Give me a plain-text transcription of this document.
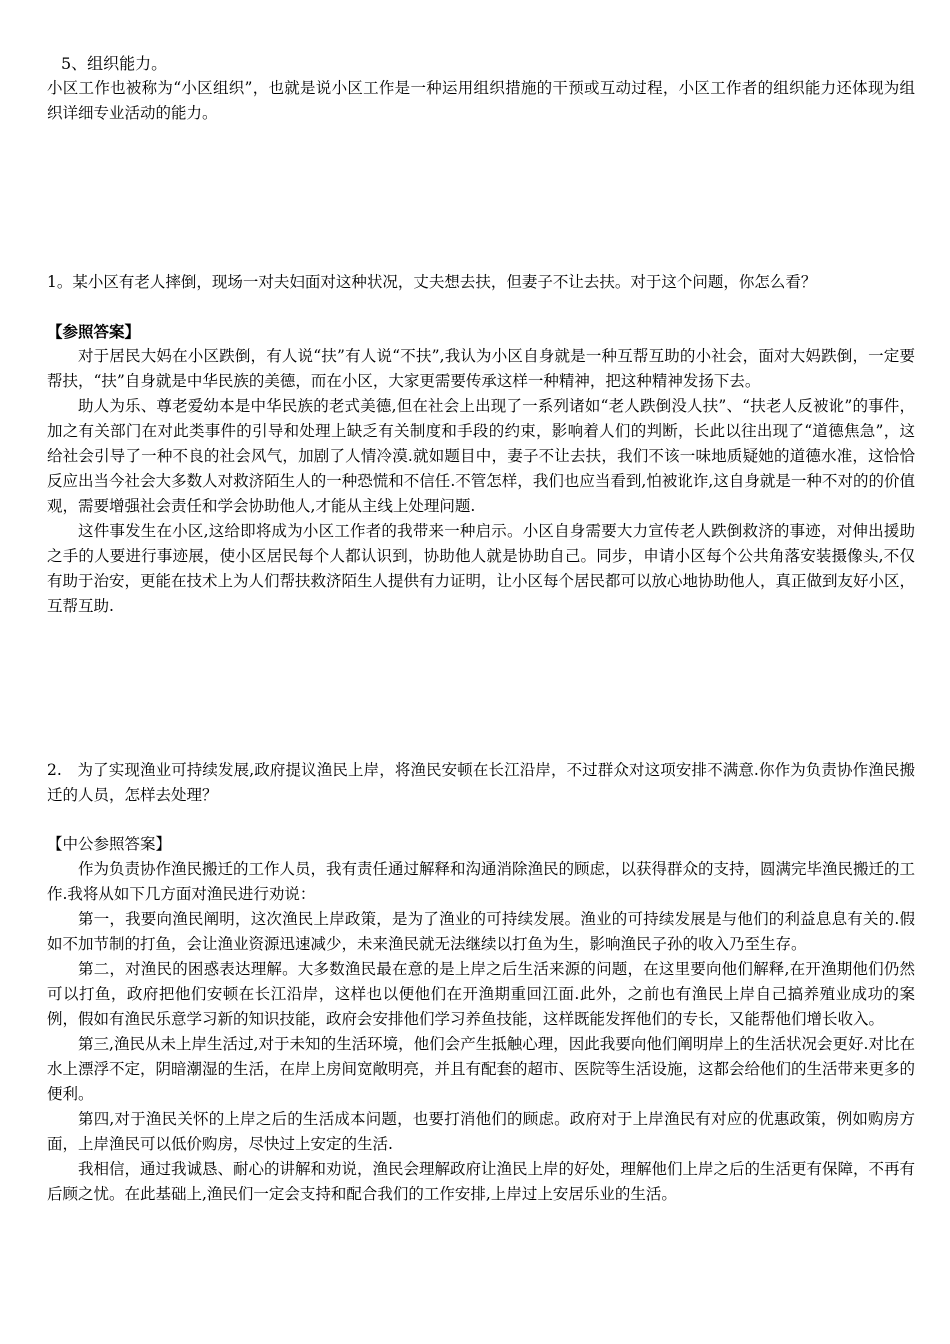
5、组织能力。

小区工作也被称为“小区组织”，也就是说小区工作是一种运用组织措施的干预或互动过程，小区工作者的组织能力还体现为组织详细专业活动的能力。

1。某小区有老人摔倒，现场一对夫妇面对这种状况，丈夫想去扶，但妻子不让去扶。对于这个问题，你怎么看？

【参照答案】

对于居民大妈在小区跌倒，有人说“扶”有人说“不扶”,我认为小区自身就是一种互帮互助的小社会，面对大妈跌倒，一定要帮扶，“扶”自身就是中华民族的美德，而在小区，大家更需要传承这样一种精神，把这种精神发扬下去。

助人为乐、尊老爱幼本是中华民族的老式美德,但在社会上出现了一系列诸如“老人跌倒没人扶”、“扶老人反被讹”的事件，加之有关部门在对此类事件的引导和处理上缺乏有关制度和手段的约束，影响着人们的判断，长此以往出现了“道德焦急”，这给社会引导了一种不良的社会风气，加剧了人情冷漠.就如题目中，妻子不让去扶，我们不该一味地质疑她的道德水准，这恰恰反应出当今社会大多数人对救济陌生人的一种恐慌和不信任.不管怎样，我们也应当看到,怕被讹诈,这自身就是一种不对的的价值观，需要增强社会责任和学会协助他人,才能从主线上处理问题.

这件事发生在小区,这给即将成为小区工作者的我带来一种启示。小区自身需要大力宣传老人跌倒救济的事迹，对伸出援助之手的人要进行事迹展，使小区居民每个人都认识到，协助他人就是协助自己。同步，申请小区每个公共角落安装摄像头,不仅有助于治安，更能在技术上为人们帮扶救济陌生人提供有力证明，让小区每个居民都可以放心地协助他人，真正做到友好小区，互帮互助.

2.　为了实现渔业可持续发展,政府提议渔民上岸，将渔民安顿在长江沿岸，不过群众对这项安排不满意.你作为负责协作渔民搬迁的人员，怎样去处理？

【中公参照答案】

作为负责协作渔民搬迁的工作人员，我有责任通过解释和沟通消除渔民的顾虑，以获得群众的支持，圆满完毕渔民搬迁的工作.我将从如下几方面对渔民进行劝说：

第一，我要向渔民阐明，这次渔民上岸政策，是为了渔业的可持续发展。渔业的可持续发展是与他们的利益息息有关的.假如不加节制的打鱼，会让渔业资源迅速减少，未来渔民就无法继续以打鱼为生，影响渔民子孙的收入乃至生存。

第二，对渔民的困惑表达理解。大多数渔民最在意的是上岸之后生活来源的问题，在这里要向他们解释,在开渔期他们仍然可以打鱼，政府把他们安顿在长江沿岸，这样也以便他们在开渔期重回江面.此外，之前也有渔民上岸自己搞养殖业成功的案例，假如有渔民乐意学习新的知识技能，政府会安排他们学习养鱼技能，这样既能发挥他们的专长，又能帮他们增长收入。

第三,渔民从未上岸生活过,对于未知的生活环境，他们会产生抵触心理，因此我要向他们阐明岸上的生活状况会更好.对比在水上漂浮不定，阴暗潮湿的生活，在岸上房间宽敞明亮，并且有配套的超市、医院等生活设施，这都会给他们的生活带来更多的便利。

第四,对于渔民关怀的上岸之后的生活成本问题，也要打消他们的顾虑。政府对于上岸渔民有对应的优惠政策，例如购房方面，上岸渔民可以低价购房，尽快过上安定的生活.

我相信，通过我诚恳、耐心的讲解和劝说，渔民会理解政府让渔民上岸的好处，理解他们上岸之后的生活更有保障，不再有后顾之忧。在此基础上,渔民们一定会支持和配合我们的工作安排,上岸过上安居乐业的生活。
